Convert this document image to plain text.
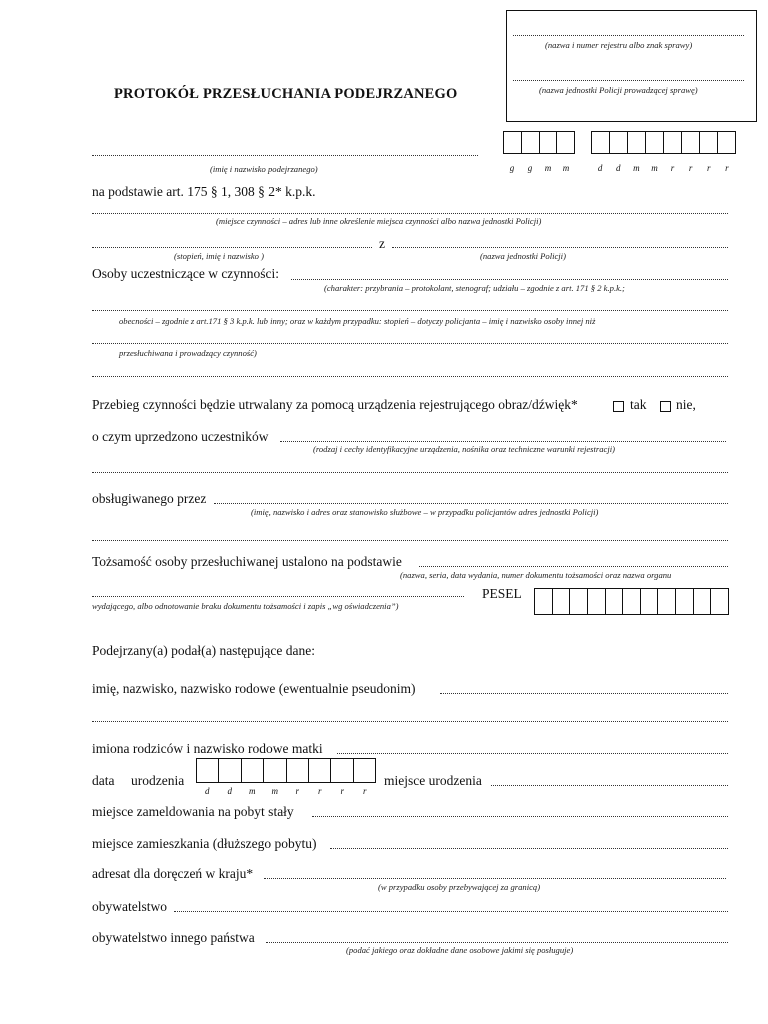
(nazwa i numer rejestru albo znak sprawy)
(nazwa jednostki Policji prowadzącej sprawę)
PROTOKÓŁ PRZESŁUCHANIA PODEJRZANEGO
g	g	m	m	d	d	m	m	r	r	r	r
(imię i nazwisko podejrzanego)
na podstawie art. 175 § 1, 308 § 2* k.p.k.
(miejsce czynności – adres lub inne określenie miejsca czynności albo nazwa jednostki Policji)
z
(stopień, imię i nazwisko )	(nazwa jednostki Policji)
Osoby uczestniczące w czynności:
(charakter: przybrania – protokolant, stenograf; udziału – zgodnie z art. 171 § 2 k.p.k.;
obecności – zgodnie z art.171 § 3 k.p.k. lub inny; oraz w każdym przypadku: stopień – dotyczy policjanta – imię i nazwisko osoby innej niż
przesłuchiwana i prowadzący czynność)
Przebieg czynności będzie utrwalany za pomocą urządzenia rejestrującego obraz/dźwięk*	tak nie,
o czym uprzedzono uczestników
(rodzaj i cechy identyfikacyjne urządzenia, nośnika oraz techniczne warunki rejestracji)
obsługiwanego przez
(imię, nazwisko i adres oraz stanowisko służbowe – w przypadku policjantów adres jednostki Policji)
Tożsamość osoby przesłuchiwanej ustalono na podstawie
(nazwa, seria, data wydania, numer dokumentu tożsamości oraz nazwa organu
wydającego, albo odnotowanie braku dokumentu tożsamości i zapis „wg oświadczenia”)
PESEL
Podejrzany(a) podał(a) następujące dane:
imię, nazwisko, nazwisko rodowe (ewentualnie pseudonim)
imiona rodziców i nazwisko rodowe matki
data urodzenia
d	d	m	m	r	r	r	r
miejsce urodzenia
miejsce zameldowania na pobyt stały
miejsce zamieszkania (dłuższego pobytu)
adresat dla doręczeń w kraju*
(w przypadku osoby przebywającej za granicą)
obywatelstwo
obywatelstwo innego państwa
(podać jakiego oraz dokładne dane osobowe jakimi się posługuje)
